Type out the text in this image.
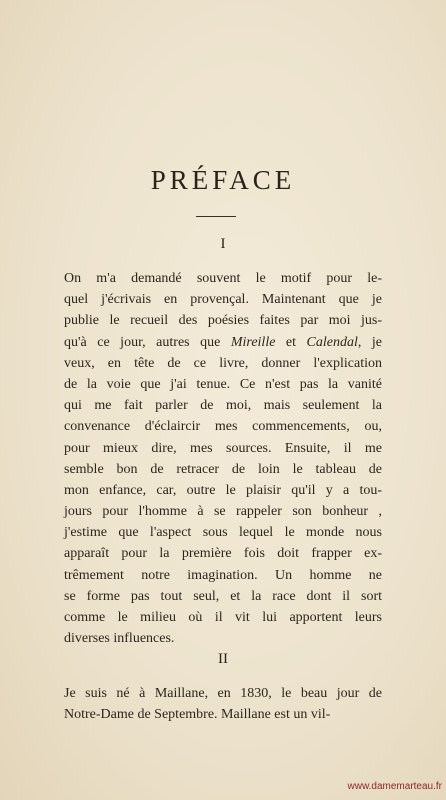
PRÉFACE
I
On m'a demandé souvent le motif pour le-
quel j'écrivais en provençal. Maintenant que je
publie le recueil des poésies faites par moi jus-
qu'à ce jour, autres que Mireille et Calendal, je
veux, en tête de ce livre, donner l'explication
de la voie que j'ai tenue. Ce n'est pas la vanité
qui me fait parler de moi, mais seulement la
convenance d'éclaircir mes commencements, ou,
pour mieux dire, mes sources. Ensuite, il me
semble bon de retracer de loin le tableau de
mon enfance, car, outre le plaisir qu'il y a tou-
jours pour l'homme à se rappeler son bonheur ,
j'estime que l'aspect sous lequel le monde nous
apparaît pour la première fois doit frapper ex-
trêmement notre imagination. Un homme ne
se forme pas tout seul, et la race dont il sort
comme le milieu où il vit lui apportent leurs
diverses influences.
II
Je suis né à Maillane, en 1830, le beau jour de
Notre-Dame de Septembre. Maillane est un vil-
www.damemarteau.fr
